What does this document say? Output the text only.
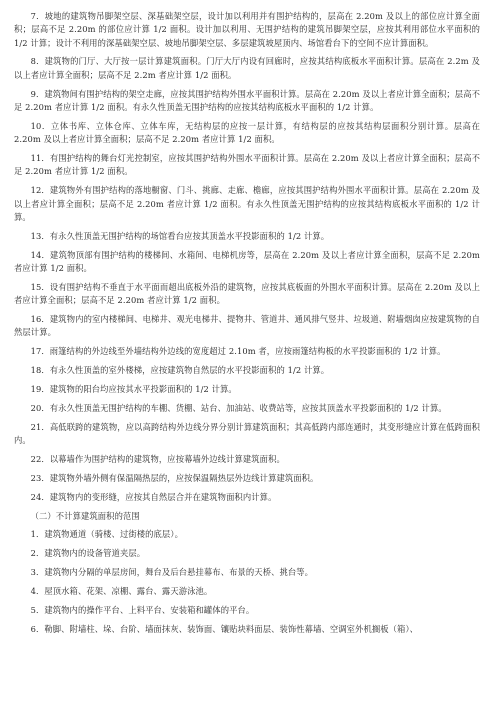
7．坡地的建筑物吊脚架空层、深基础架空层，设计加以利用并有围护结构的，层高在 2.20m 及以上的部位应计算全面积；层高不足 2.20m 的部位应计算 1/2 面积。设计加以利用、无围护结构的建筑吊脚架空层，应按其利用部位水平面积的 1/2 计算；设计不利用的深基础架空层、坡地吊脚架空层、多层建筑坡屋顶内、场馆看台下的空间不应计算面积。

8．建筑物的门厅、大厅按一层计算建筑面积。门厅大厅内设有回廊时，应按其结构底板水平面积计算。层高在 2.2m 及以上者应计算全面积；层高不足 2.2m 者应计算 1/2 面积。

9．建筑物间有围护结构的架空走廊，应按其围护结构外围水平面积计算。层高在 2.20m 及以上者应计算全面积；层高不足 2.20m 者应计算 1/2 面积。有永久性顶盖无围护结构的应按其结构底板水平面积的 1/2 计算。

10．立体书库、立体仓库、立体车库，无结构层的应按一层计算，有结构层的应按其结构层面积分别计算。层高在 2.20m 及以上者应计算全面积；层高不足 2.20m 者应计算 1/2 面积。

11．有围护结构的舞台灯光控制室，应按其围护结构外围水平面积计算。层高在 2.20m 及以上者应计算全面积；层高不足 2.20m 者应计算 1/2 面积。

12．建筑物外有围护结构的落地橱窗、门斗、挑廊、走廊、檐廊，应按其围护结构外围水平面积计算。层高在 2.20m 及以上者应计算全面积；层高不足 2.20m 者应计算 1/2 面积。有永久性顶盖无围护结构的应按其结构底板水平面积的 1/2 计算。

13．有永久性顶盖无围护结构的场馆看台应按其顶盖水平投影面积的 1/2 计算。

14．建筑物顶部有围护结构的楼梯间、水箱间、电梯机房等，层高在 2.20m 及以上者应计算全面积，层高不足 2.20m 者应计算 1/2 面积。

15．设有围护结构不垂直于水平面而超出底板外沿的建筑物，应按其底板面的外围水平面积计算。层高在 2.20m 及以上者应计算全面积；层高不足 2.20m 者应计算 1/2 面积。

16．建筑物内的室内楼梯间、电梯井、观光电梯井、提物井、管道井、通风排气竖井、垃圾道、附墙烟囱应按建筑物的自然层计算。

17．雨篷结构的外边线至外墙结构外边线的宽度超过 2.10m 者，应按雨篷结构板的水平投影面积的 1/2 计算。

18．有永久性顶盖的室外楼梯，应按建筑物自然层的水平投影面积的 1/2 计算。

19．建筑物的阳台均应按其水平投影面积的 1/2 计算。

20．有永久性顶盖无围护结构的车棚、货棚、站台、加油站、收费站等，应按其顶盖水平投影面积的 1/2 计算。

21．高低联跨的建筑物，应以高跨结构外边线分界分别计算建筑面积；其高低跨内部连通时，其变形缝应计算在低跨面积内。

22．以幕墙作为围护结构的建筑物，应按幕墙外边线计算建筑面积。

23．建筑物外墙外侧有保温隔热层的，应按保温隔热层外边线计算建筑面积。

24．建筑物内的变形缝，应按其自然层合并在建筑物面积内计算。

（二）不计算建筑面积的范围

1．建筑物通道（骑楼、过街楼的底层）。
2．建筑物内的设备管道夹层。
3．建筑物内分隔的单层房间，舞台及后台悬挂幕布、布景的天桥、挑台等。
4．屋顶水箱、花架、凉棚、露台、露天游泳池。
5．建筑物内的操作平台、上料平台、安装箱和罐体的平台。
6．勒脚、附墙柱、垛、台阶、墙面抹灰、装饰面、镶贴块料面层、装饰性幕墙、空调室外机搁板（箱）、
